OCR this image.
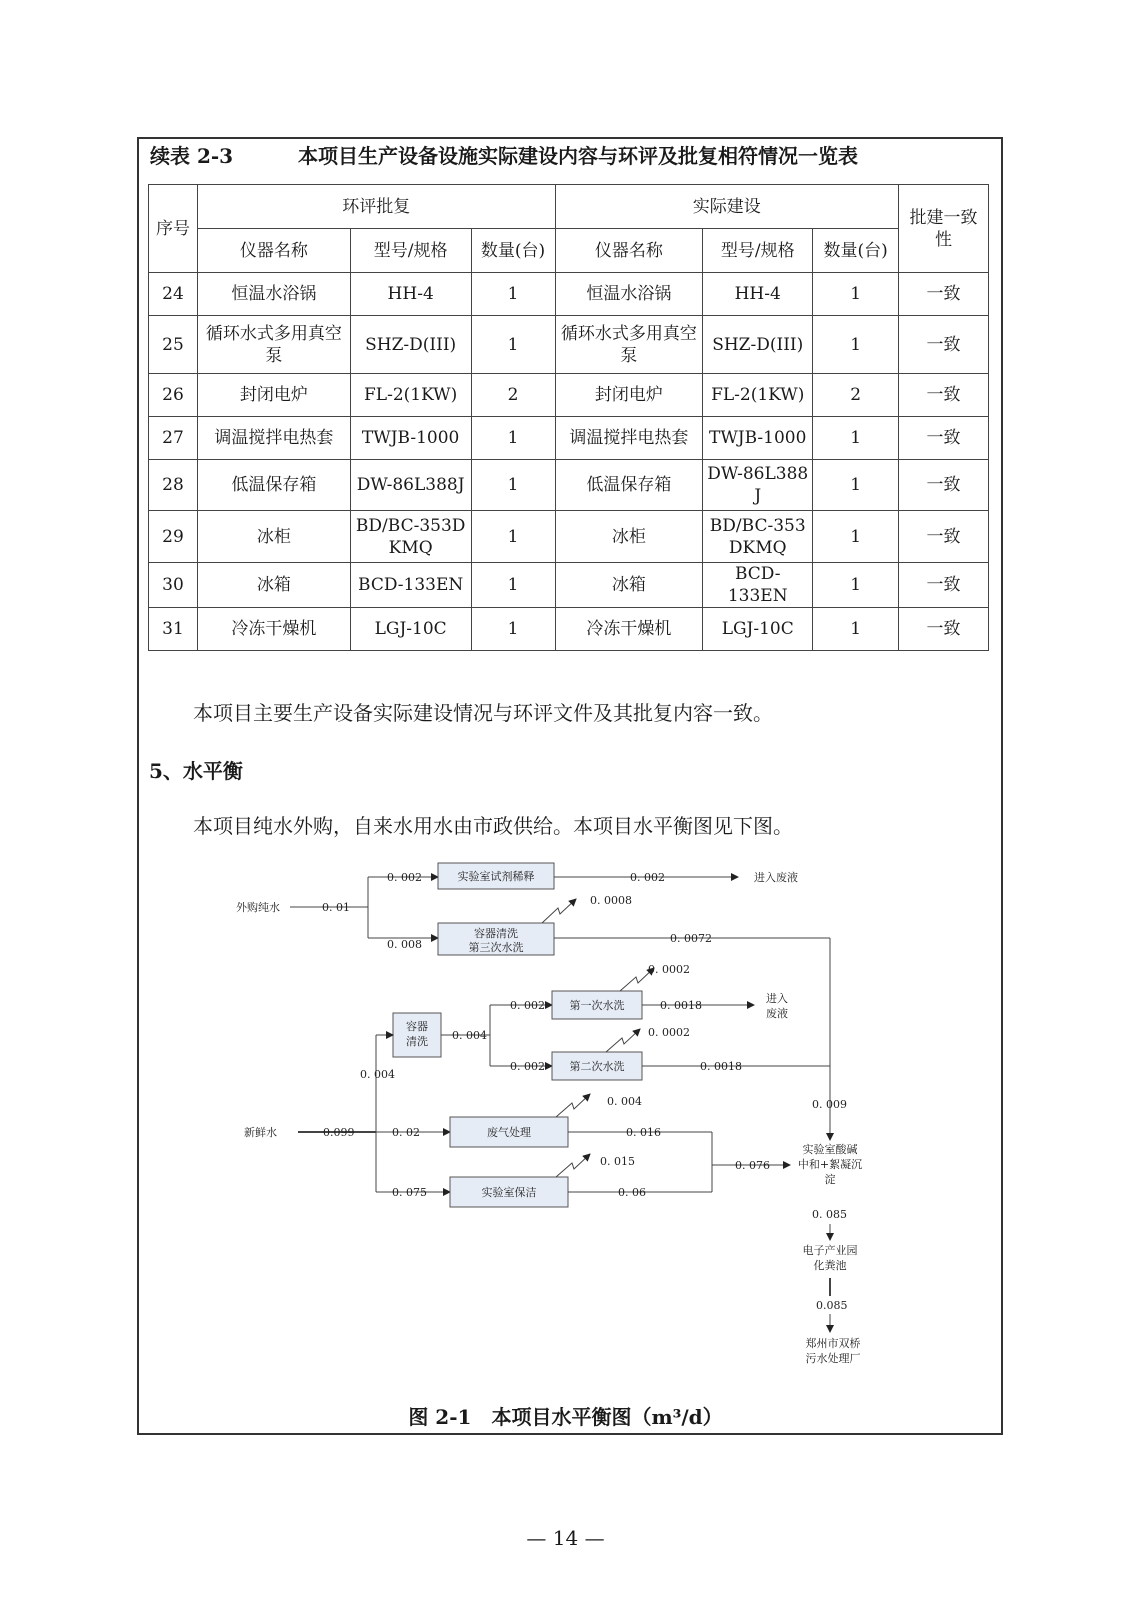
续表 2-3	本项目生产设备设施实际建设内容与环评及批复相符情况一览表
序号	环评批复			实际建设			批建一致性
	仪器名称	型号/规格	数量(台)	仪器名称	型号/规格	数量(台)	
24	恒温水浴锅	HH-4	1	恒温水浴锅	HH-4	1	一致
25	循环水式多用真空泵	SHZ-D(III)	1	循环水式多用真空泵	SHZ-D(III)	1	一致
26	封闭电炉	FL-2(1KW)	2	封闭电炉	FL-2(1KW)	2	一致
27	调温搅拌电热套	TWJB-1000	1	调温搅拌电热套	TWJB-1000	1	一致
28	低温保存箱	DW-86L388J	1	低温保存箱	DW-86L388J	1	一致
29	冰柜	BD/BC-353DKMQ	1	冰柜	BD/BC-353DKMQ	1	一致
30	冰箱	BCD-133EN	1	冰箱	BCD-133EN	1	一致
31	冷冻干燥机	LGJ-10C	1	冷冻干燥机	LGJ-10C	1	一致
本项目主要生产设备实际建设情况与环评文件及其批复内容一致。
5、水平衡
本项目纯水外购，自来水用水由市政供给。本项目水平衡图见下图。
外购纯水	0. 01
0. 002	实验室试剂稀释	0. 002	进入废液
0. 008
容器清洗
第三次水洗
0. 0008
0. 0072
容器
清洗 0. 004
0. 002 第一次水洗
0. 0002
0. 0018
进入
废液
0. 002 第二次水洗
0. 0002
0. 0018
新鲜水	0.099
0. 004
0. 02	废气处理
0. 004
0. 016
0. 075	实验室保洁
0. 015
0. 06
0. 076
0. 009
实验室酸碱
中和+絮凝沉
淀
0. 085
电子产业园
化粪池
0.085
郑州市双桥
污水处理厂
图 2-1　本项目水平衡图（m³/d）
— 14 —
